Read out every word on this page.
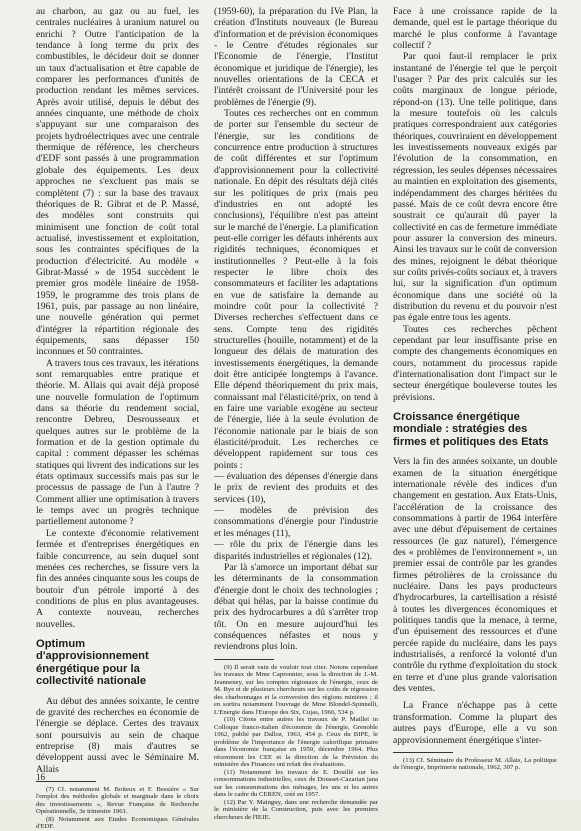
au charbon, au gaz ou au fuel, les centrales nucléaires à uranium naturel ou enrichi ? Outre l'anticipation de la tendance à long terme du prix des combustibles, le décideur doit se donner un taux d'actualisation et être capable de comparer les performances d'unités de production rendant les mêmes services. Après avoir utilisé, depuis le début des années cinquante, une méthode de choix s'appuyant sur une comparaison des projets hydroélectriques avec une centrale thermique de référence, les chercheurs d'EDF sont passés à une programmation globale des équipements. Les deux approches ne s'excluent pas mais se complètent (7) : sur la base des travaux théoriques de R. Gibrat et de P. Massé, des modèles sont construits qui minimisent une fonction de coût total actualisé, investissement et exploitation, sous les contraintes spécifiques de la production d'électricité. Au modèle « Gibrat-Massé » de 1954 succèdent le premier gros modèle linéaire de 1958-1959, le programme des trois plans de 1961, puis, par passage au non linéaire, une nouvelle génération qui permet d'intégrer la répartition régionale des équipements, sans dépasser 150 inconnues et 50 contraintes.

A travers tous ces travaux, les itérations sont remarquables entre pratique et théorie. M. Allais qui avait déjà proposé une nouvelle formulation de l'optimum dans sa théorie du rendement social, rencontre Debreu, Desrousseaux et quelques autres sur le problème de la formation et de la gestion optimale du capital : comment dépasser les schémas statiques qui livrent des indications sur les états optimaux successifs mais pas sur le processus de passage de l'un à l'autre ? Comment allier une optimisation à travers le temps avec un progrès technique partiellement autonome ?

Le contexte d'économie relativement fermée et d'entreprises énergétiques en faible concurrence, au sein duquel sont menées ces recherches, se fissure vers la fin des années cinquante sous les coups de boutoir d'un pétrole importé à des conditions de plus en plus avantageuses. A contexte nouveau, recherches nouvelles.

Optimum d'approvisionnement énergétique pour la collectivité nationale

Au début des années soixante, le centre de gravité des recherches en économie de l'énergie se déplace. Certes des travaux sont poursuivis au sein de chaque entreprise (8) mais d'autres se développent aussi avec le Séminaire M. Allais

(7) Cf. notamment M. Boiteux et F. Bessière « Sur l'emploi des méthodes globale et marginale dans le choix des investissements », Revue Française de Recherche Opérationnelle, 3e trimestre 1961.

(8) Notamment aux Etudes Economiques Générales d'EDF.

(1959-60), la préparation du IVe Plan, la création d'Instituts nouveaux (le Bureau d'information et de prévision économiques - le Centre d'études régionales sur l'Economie de l'énergie, l'Institut économique et juridique de l'énergie), les nouvelles orientations de la CECA et l'intérêt croissant de l'Université pour les problèmes de l'énergie (9).

Toutes ces recherches ont en commun de porter sur l'ensemble du secteur de l'énergie, sur les conditions de concurrence entre production à structures de coût différentes et sur l'optimum d'approvisionnement pour la collectivité nationale. En dépit des résultats déjà cités sur les politiques de prix (mais peu d'industries en ont adopté les conclusions), l'équilibre n'est pas atteint sur le marché de l'énergie. La planification peut-elle corriger les défauts inhérents aux rigidités techniques, économiques et institutionnelles ? Peut-elle à la fois respecter le libre choix des consommateurs et faciliter les adaptations en vue de satisfaire la demande au moindre coût pour la collectivité ? Diverses recherches s'effectuent dans ce sens. Compte tenu des rigidités structurelles (houille, notamment) et de la longueur des délais de maturation des investissements énergétiques, la demande doit être anticipée longtemps à l'avance. Elle dépend théoriquement du prix mais, connaissant mal l'élasticité/prix, on tend à en faire une variable exogène au secteur de l'énergie, liée à la seule évolution de l'économie nationale par le biais de son élasticité/produit. Les recherches ce développent rapidement sur tous ces points :

— évaluation des dépenses d'énergie dans le prix de revient des produits et des services (10),

— modèles de prévision des consommations d'énergie pour l'industrie et les ménages (11),

— rôle du prix de l'énergie dans les disparités industrielles et régionales (12).

Par là s'amorce un important débat sur les déterminants de la consommation d'énergie dont le choix des technologies ; débat qui hélas, par la baisse continue du prix des hydrocarbures a dû s'arrêter trop tôt. On en mesure aujourd'hui les conséquences néfastes et nous y reviendrons plus loin.

(9) Il serait vain de vouloir tout citer. Notons cependant les travaux de Mme Capronnier, sous la direction de J.-M. Jeanneney, sur les comptes régionaux de l'énergie, ceux de M. Bye et de plusieurs chercheurs sur les coûts de régression des charbonnages et la conversion des régions minières ; il en sortira notamment l'ouvrage de Mme Blondel-Spinnelli, L'Energie dans l'Europe des Six, Cujas, 1966, 534 p.

(10) Citons entre autres les travaux de P. Maillet in Colloque franco-italien d'économie de l'énergie, Grenoble 1962, publié par Dalloz, 1963, 454 p. Ceux du BIPE, le problème de l'importance de l'énergie calorifique primaire dans l'économie française en 1959, décembre 1964. Plus récemment les CEE et la direction de la Prévision du ministère des Finances ont refait des évaluations.

(11) Notamment les travaux de E. Douillé sur les consommations industrielles, ceux de Dousset-Cazarian jana sur les consommations des ménages, les uns et les autres dans le cadre du CEREN, créé en 1957.

(12) Par Y. Mainguy, dans une recherche demandée par le ministère de la Construction, puis avec les premiers chercheurs de l'IEJE.

Face à une croissance rapide de la demande, quel est le partage théorique du marché le plus conforme à l'avantage collectif ?

Par quoi faut-il remplacer le prix instantané de l'énergie tel que le perçoit l'usager ? Par des prix calculés sur les coûts marginaux de longue période, répond-on (13). Une telle politique, dans la mesure toutefois où les calculs pratiques correspondraient aux catégories théoriques, couvriraient en développement les investissements nouveaux exigés par l'évolution de la consommation, en régression, les seules dépenses nécessaires au maintien en exploitation des gisements, indépendamment des charges héritées du passé. Mais de ce coût devra encore être soustrait ce qu'aurait dû payer la collectivité en cas de fermeture immédiate pour assurer la conversion des mineurs. Ainsi les travaux sur le coût de conversion des mines, rejoignent le débat théorique sur coûts privés-coûts sociaux et, à travers lui, sur la signification d'un optimum économique dans une société où la distribution du revenu et du pouvoir n'est pas égale entre tous les agents.

Toutes ces recherches pêchent cependant par leur insuffisante prise en compte des changements économiques en cours, notamment du processus rapide d'internationalisation dont l'impact sur le secteur énergétique bouleverse toutes les prévisions.

Croissance énergétique mondiale : stratégies des firmes et politiques des Etats

Vers la fin des années soixante, un double examen de la situation énergétique internationale révèle des indices d'un changement en gestation. Aux Etats-Unis, l'accélération de la croissance des consommations à partir de 1964 interfère avec une début d'épuisement de certaines ressources (le gaz naturel), l'émergence des « problèmes de l'environnement », un premier essai de contrôle par les grandes firmes pétrolières de la croissance du nucléaire. Dans les pays producteurs d'hydrocarbures, la cartellisation a résisté à toutes les divergences économiques et politiques tandis que la menace, à terme, d'un épuisement des ressources et d'une percée rapide du nucléaire, dans les pays industrialisés, a renforcé la volonté d'un contrôle du rythme d'exploitation du stock en terre et d'une plus grande valorisation des ventes.

La France n'échappe pas à cette transformation. Comme la plupart des autres pays d'Europe, elle a vu son approvisionnement énergétique s'inter-

(13) Cf. Séminaire du Professeur M. Allais, La politique de l'énergie, Imprimerie nationale, 1962, 307 p.

16
